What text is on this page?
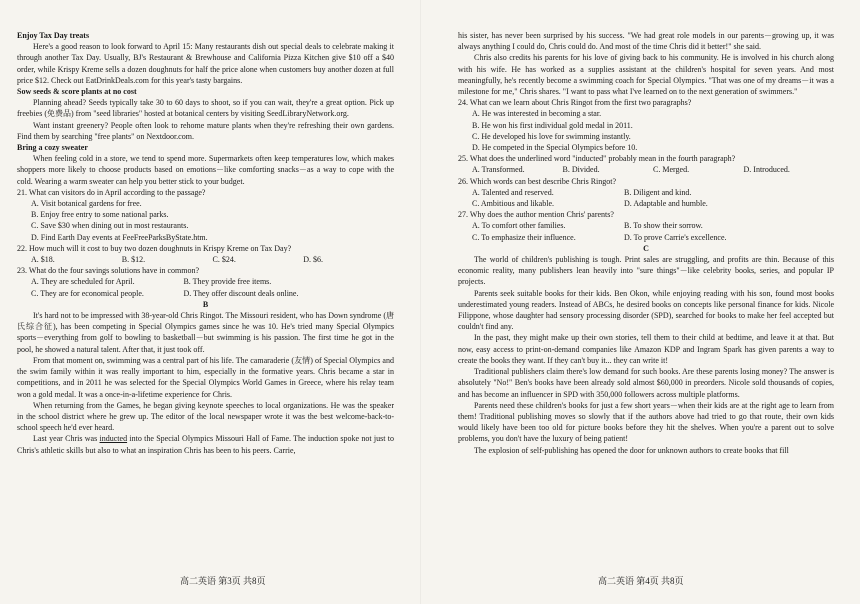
Enjoy Tax Day treats

Here's a good reason to look forward to April 15: Many restaurants dish out special deals to celebrate making it through another Tax Day. Usually, BJ's Restaurant & Brewhouse and California Pizza Kitchen give $10 off a $40 order, while Krispy Kreme sells a dozen doughnuts for half the price alone when customers buy another dozen at full price $12. Check out EatDrinkDeals.com for this year's tasty bargains.

Sow seeds & score plants at no cost

Planning ahead? Seeds typically take 30 to 60 days to shoot, so if you can wait, they're a great option. Pick up freebies (免费品) from "seed libraries" hosted at botanical centers by visiting SeedLibraryNetwork.org.

Want instant greenery? People often look to rehome mature plants when they're refreshing their own gardens. Find them by searching "free plants" on Nextdoor.com.

Bring a cozy sweater

When feeling cold in a store, we tend to spend more. Supermarkets often keep temperatures low, which makes shoppers more likely to choose products based on emotions－like comforting snacks－as a way to cope with the cold. Wearing a warm sweater can help you better stick to your budget.

21. What can visitors do in April according to the passage?

A. Visit botanical gardens for free.

B. Enjoy free entry to some national parks.

C. Save $30 when dining out in most restaurants.

D. Find Earth Day events at FeeFreeParksByState.htm.

22. How much will it cost to buy two dozen doughnuts in Krispy Kreme on Tax Day?

A. $18.	B. $12.	C. $24.	D. $6.

23. What do the four savings solutions have in common?

A. They are scheduled for April.	B. They provide free items.
C. They are for economical people.	D. They offer discount deals online.

B

It's hard not to be impressed with 38-year-old Chris Ringot. The Missouri resident, who has Down syndrome (唐氏综合征), has been competing in Special Olympics games since he was 10. He's tried many Special Olympics sports－everything from golf to bowling to basketball－but swimming is his passion. The first time he got in the pool, he showed a natural talent. After that, it just took off.

From that moment on, swimming was a central part of his life. The camaraderie (友情) of Special Olympics and the swim family within it was really important to him, especially in the formative years. Chris became a star in competitions, and in 2011 he was selected for the Special Olympics World Games in Greece, where his relay team won a gold medal. It was a once-in-a-lifetime experience for Chris.

When returning from the Games, he began giving keynote speeches to local organizations. He was the speaker in the school district where he grew up. The editor of the local newspaper wrote it was the best welcome-back-to-school speech he'd ever heard.

Last year Chris was inducted into the Special Olympics Missouri Hall of Fame. The induction spoke not just to Chris's athletic skills but also to what an inspiration Chris has been to his peers. Carrie,

高二英语 第3页 共8页

his sister, has never been surprised by his success. "We had great role models in our parents－growing up, it was always anything I could do, Chris could do. And most of the time Chris did it better!" she said.

Chris also credits his parents for his love of giving back to his community. He is involved in his church along with his wife. He has worked as a supplies assistant at the children's hospital for seven years. And most meaningfully, he's recently become a swimming coach for Special Olympics. "That was one of my dreams－it was a milestone for me," Chris shares. "I want to pass what I've learned on to the next generation of swimmers."

24. What can we learn about Chris Ringot from the first two paragraphs?

A. He was interested in becoming a star.

B. He won his first individual gold medal in 2011.

C. He developed his love for swimming instantly.

D. He competed in the Special Olympics before 10.

25. What does the underlined word "inducted" probably mean in the fourth paragraph?

A. Transformed.	B. Divided.	C. Merged.	D. Introduced.

26. Which words can best describe Chris Ringot?

A. Talented and reserved.	B. Diligent and kind.
C. Ambitious and likable.	D. Adaptable and humble.

27. Why does the author mention Chris' parents?

A. To comfort other families.	B. To show their sorrow.
C. To emphasize their influence.	D. To prove Carrie's excellence.

C

The world of children's publishing is tough. Print sales are struggling, and profits are thin. Because of this economic reality, many publishers lean heavily into "sure things"－like celebrity books, series, and popular IP projects.

Parents seek suitable books for their kids. Ben Okon, while enjoying reading with his son, found most books underestimated young readers. Instead of ABCs, he desired books on concepts like personal finance for kids. Nicole Filippone, whose daughter had sensory processing disorder (SPD), searched for books to make her feel accepted but couldn't find any.

In the past, they might make up their own stories, tell them to their child at bedtime, and leave it at that. But now, easy access to print-on-demand companies like Amazon KDP and Ingram Spark has given parents a way to create the books they want. If they can't buy it... they can write it!

Traditional publishers claim there's low demand for such books. Are these parents losing money? The answer is absolutely "No!" Ben's books have been already sold almost $60,000 in preorders. Nicole sold thousands of copies, and has become an influencer in SPD with 350,000 followers across multiple platforms.

Parents need these children's books for just a few short years－when their kids are at the right age to learn from them! Traditional publishing moves so slowly that if the authors above had tried to go that route, their own kids would likely have been too old for picture books before they hit the shelves. When you're a parent out to solve problems, you don't have the luxury of being patient!

The explosion of self-publishing has opened the door for unknown authors to create books that fill

高二英语 第4页 共8页
